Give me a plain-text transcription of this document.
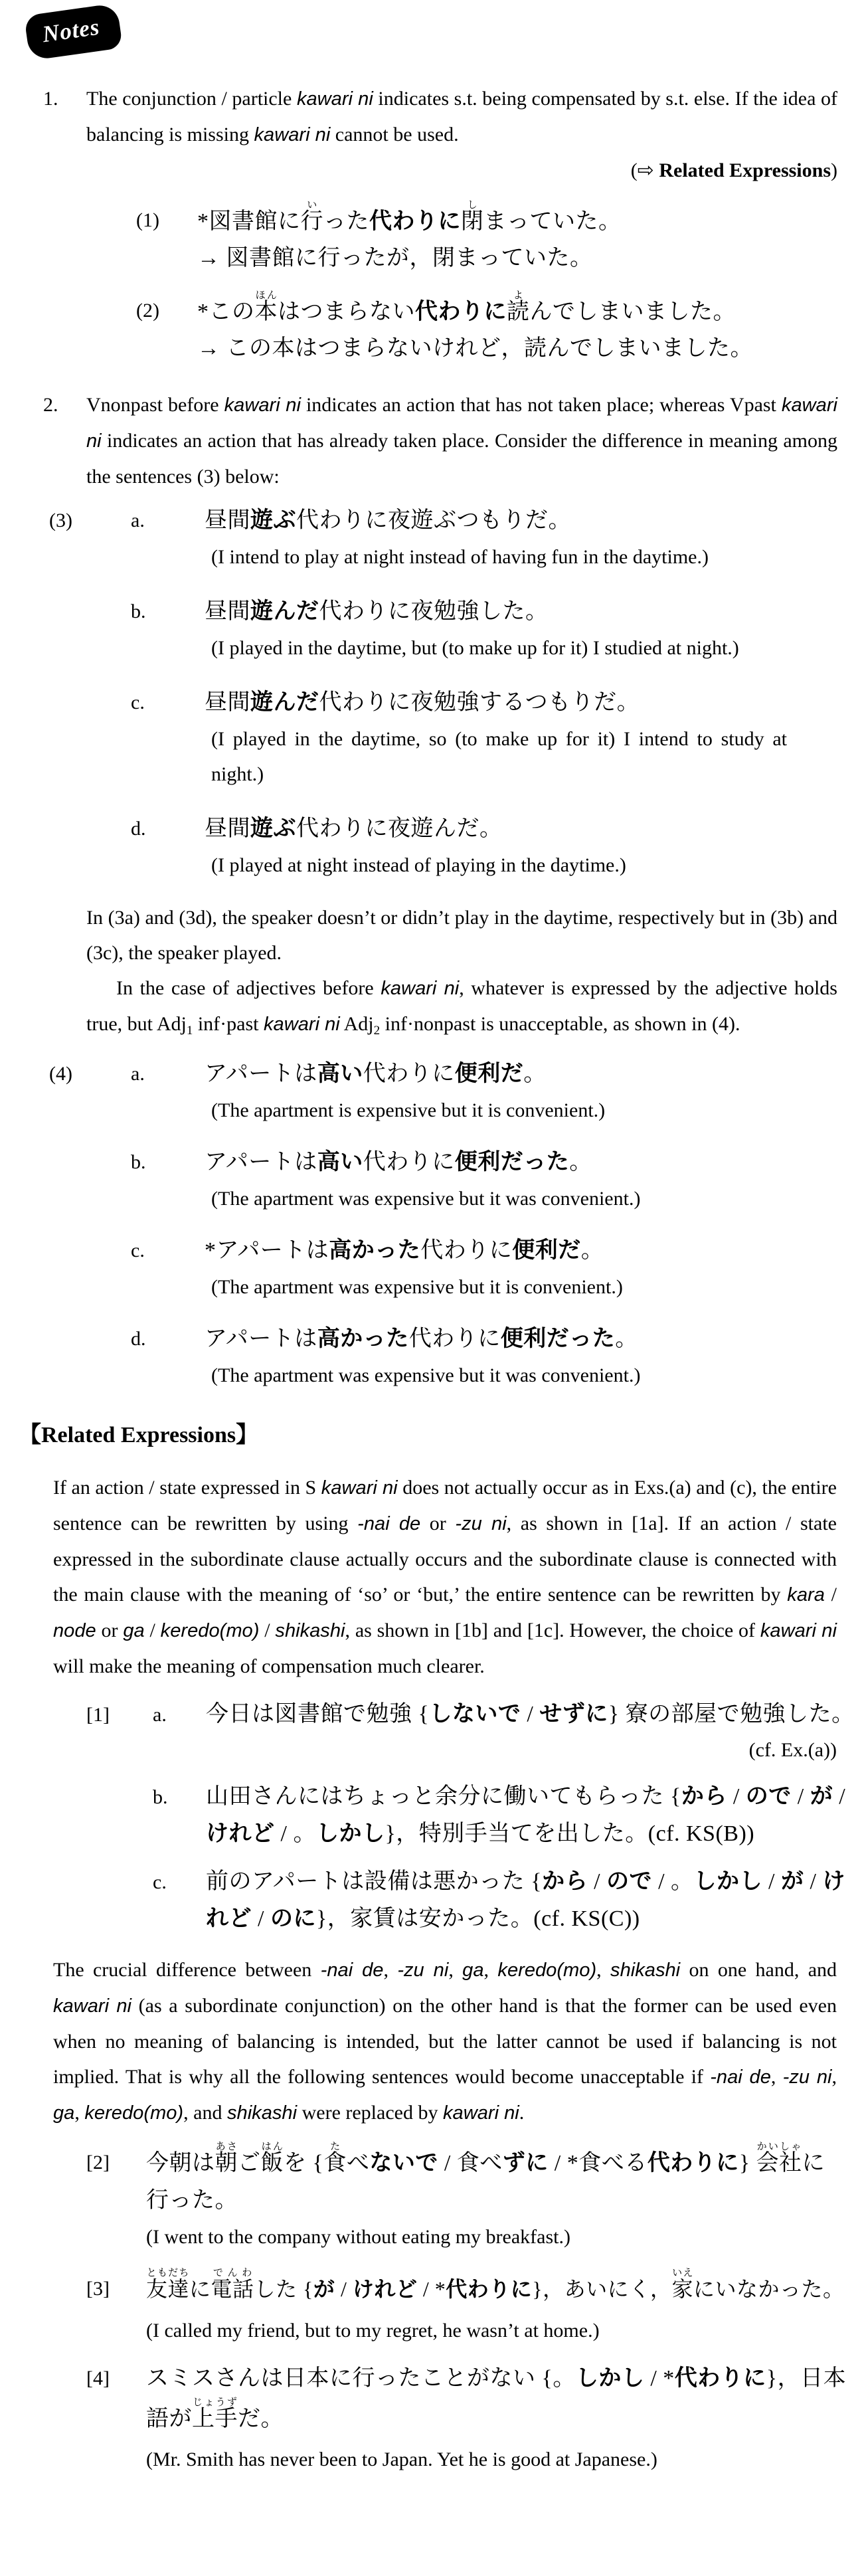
Notes
1.	The conjunction / particle kawari ni indicates s.t. being compensated by s.t. else. If the idea of balancing is missing kawari ni cannot be used.
(⇨ Related Expressions)
(1)	*図書館に行いった代わりに閉しまっていた。
→ 図書館に行ったが，閉まっていた。
(2)	*この本ほんはつまらない代わりに読よんでしまいました。
→ この本はつまらないけれど，読んでしまいました。
2.	Vnonpast before kawari ni indicates an action that has not taken place; whereas Vpast kawari ni indicates an action that has already taken place. Consider the difference in meaning among the sentences (3) below:
(3)	a.	昼間遊ぶ代わりに夜遊ぶつもりだ。
(I intend to play at night instead of having fun in the daytime.)
b.	昼間遊んだ代わりに夜勉強した。
(I played in the daytime, but (to make up for it) I studied at night.)
c.	昼間遊んだ代わりに夜勉強するつもりだ。
(I played in the daytime, so (to make up for it) I intend to study at night.)
d.	昼間遊ぶ代わりに夜遊んだ。
(I played at night instead of playing in the daytime.)
In (3a) and (3d), the speaker doesn’t or didn’t play in the daytime, respectively but in (3b) and (3c), the speaker played.
In the case of adjectives before kawari ni, whatever is expressed by the adjective holds true, but Adj$_1$ inf·past kawari ni Adj$_2$ inf·nonpast is unacceptable, as shown in (4).
(4)	a.	アパートは高い代わりに便利だ。
(The apartment is expensive but it is convenient.)
b.	アパートは高い代わりに便利だった。
(The apartment was expensive but it was convenient.)
c.	*アパートは高かった代わりに便利だ。
(The apartment was expensive but it is convenient.)
d.	アパートは高かった代わりに便利だった。
(The apartment was expensive but it was convenient.)
【Related Expressions】
If an action / state expressed in S kawari ni does not actually occur as in Exs.(a) and (c), the entire sentence can be rewritten by using -nai de or -zu ni, as shown in [1a]. If an action / state expressed in the subordinate clause actually occurs and the subordinate clause is connected with the main clause with the meaning of ‘so’ or ‘but,’ the entire sentence can be rewritten by kara / node or ga / keredo(mo) / shikashi, as shown in [1b] and [1c]. However, the choice of kawari ni will make the meaning of compensation much clearer.
[1]	a.	今日は図書館で勉強 {しないで / せずに} 寮の部屋で勉強した。
(cf. Ex.(a))
b.	山田さんにはちょっと余分に働いてもらった {から / ので / が /
けれど / 。しかし}，特別手当てを出した。(cf. KS(B))
c.	前のアパートは設備は悪かった {から / ので / 。しかし / が / け
れど / のに}，家賃は安かった。(cf. KS(C))
The crucial difference between -nai de, -zu ni, ga, keredo(mo), shikashi on one hand, and kawari ni (as a subordinate conjunction) on the other hand is that the former can be used even when no meaning of balancing is intended, but the latter cannot be used if balancing is not implied. That is why all the following sentences would become unacceptable if -nai de, -zu ni, ga, keredo(mo), and shikashi were replaced by kawari ni.
[2]	今朝は朝あさご飯はんを {食たべないで / 食べずに / *食べる代わりに} 会社かいしゃに
行った。
(I went to the company without eating my breakfast.)
[3]	友達ともだちに電話でんわした {が / けれど / *代わりに}，あいにく，家いえにいなかった。
(I called my friend, but to my regret, he wasn’t at home.)
[4]	スミスさんは日本に行ったことがない {。しかし / *代わりに}，日本
語が上手じょうずだ。
(Mr. Smith has never been to Japan. Yet he is good at Japanese.)
